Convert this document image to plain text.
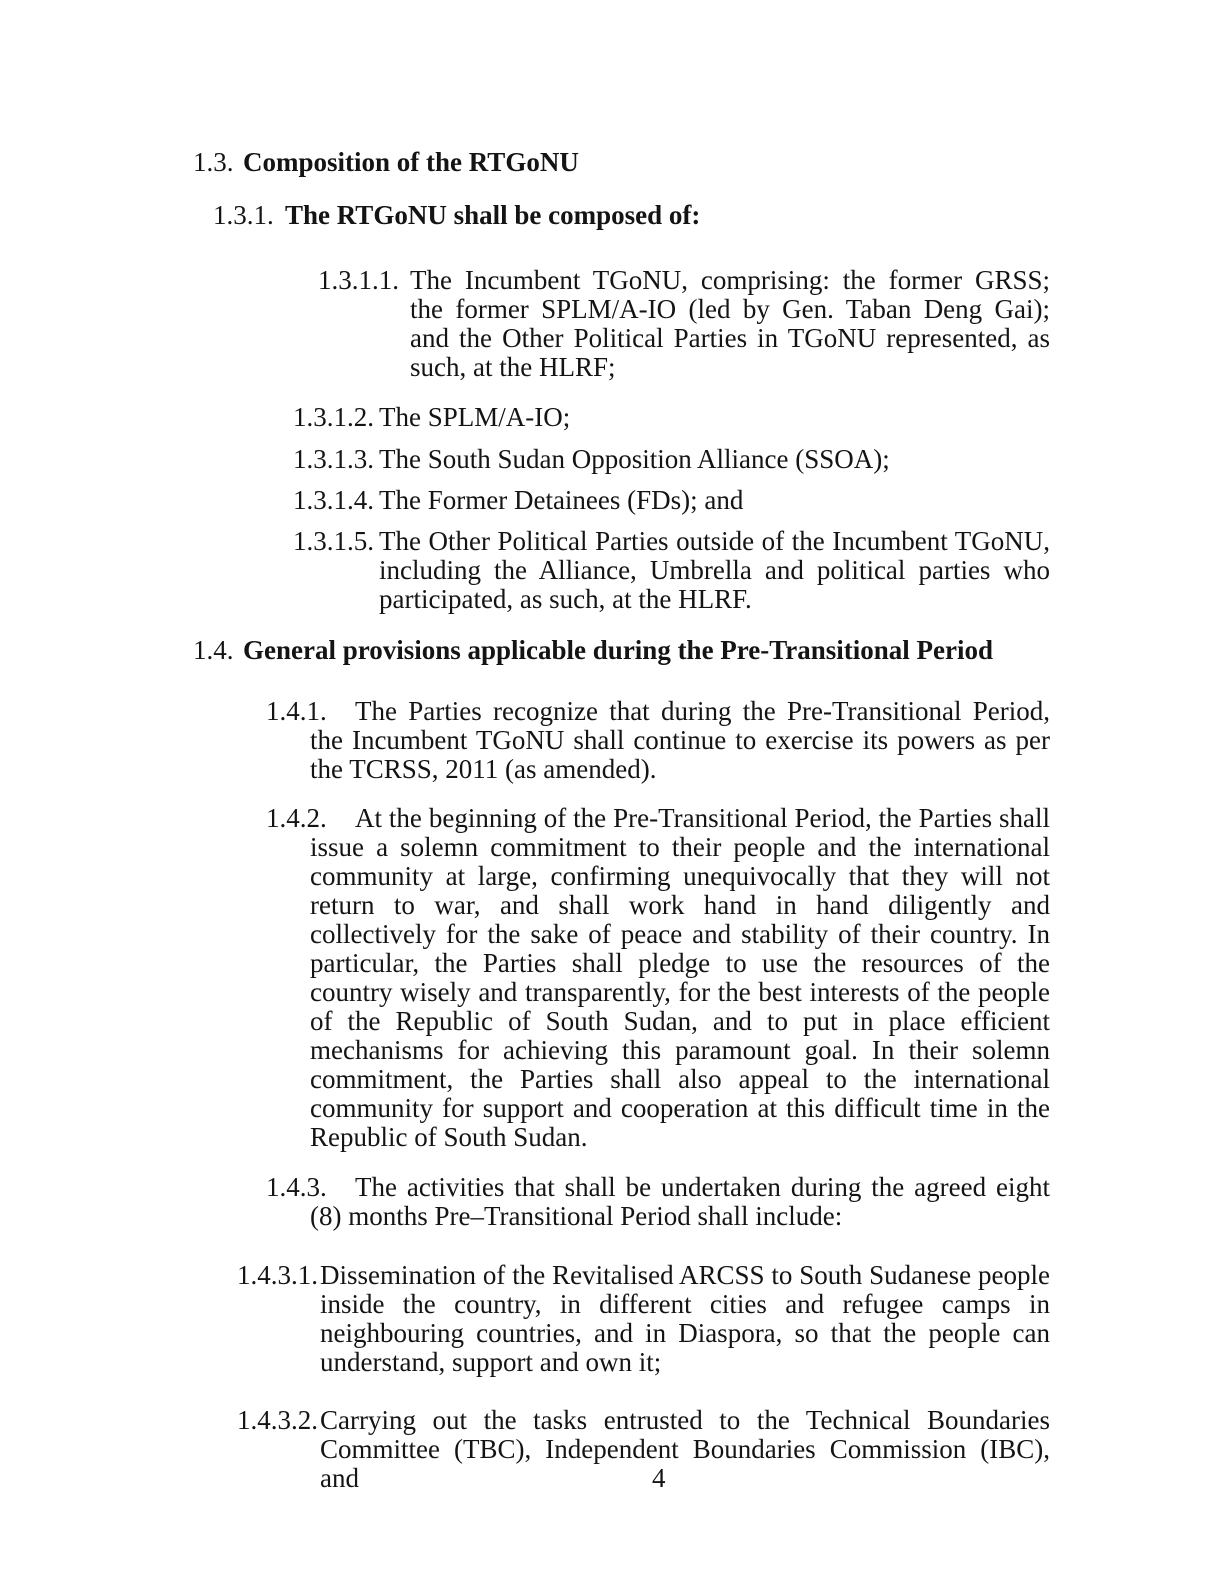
1.3. Composition of the RTGoNU
1.3.1. The RTGoNU shall be composed of:
1.3.1.1. The Incumbent TGoNU, comprising: the former GRSS; the former SPLM/A-IO (led by Gen. Taban Deng Gai); and the Other Political Parties in TGoNU represented, as such, at the HLRF;
1.3.1.2. The SPLM/A-IO;
1.3.1.3. The South Sudan Opposition Alliance (SSOA);
1.3.1.4. The Former Detainees (FDs); and
1.3.1.5. The Other Political Parties outside of the Incumbent TGoNU, including the Alliance, Umbrella and political parties who participated, as such, at the HLRF.
1.4. General provisions applicable during the Pre-Transitional Period
1.4.1.	The Parties recognize that during the Pre-Transitional Period, the Incumbent TGoNU shall continue to exercise its powers as per the TCRSS, 2011 (as amended).
1.4.2.	At the beginning of the Pre-Transitional Period, the Parties shall issue a solemn commitment to their people and the international community at large, confirming unequivocally that they will not return to war, and shall work hand in hand diligently and collectively for the sake of peace and stability of their country. In particular, the Parties shall pledge to use the resources of the country wisely and transparently, for the best interests of the people of the Republic of South Sudan, and to put in place efficient mechanisms for achieving this paramount goal. In their solemn commitment, the Parties shall also appeal to the international community for support and cooperation at this difficult time in the Republic of South Sudan.
1.4.3.	The activities that shall be undertaken during the agreed eight (8) months Pre–Transitional Period shall include:
1.4.3.1. Dissemination of the Revitalised ARCSS to South Sudanese people inside the country, in different cities and refugee camps in neighbouring countries, and in Diaspora, so that the people can understand, support and own it;
1.4.3.2. Carrying out the tasks entrusted to the Technical Boundaries Committee (TBC), Independent Boundaries Commission (IBC), and	4
